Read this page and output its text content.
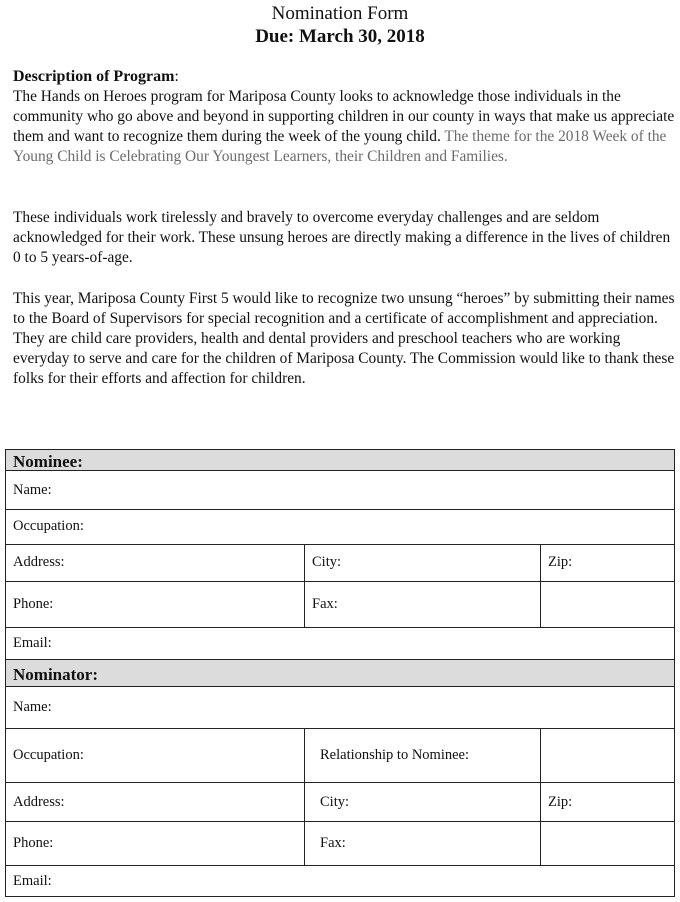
Nomination Form
Due: March 30, 2018
Description of Program:
The Hands on Heroes program for Mariposa County looks to acknowledge those individuals in the community who go above and beyond in supporting children in our county in ways that make us appreciate them and want to recognize them during the week of the young child. The theme for the 2018 Week of the Young Child is Celebrating Our Youngest Learners, their Children and Families.
These individuals work tirelessly and bravely to overcome everyday challenges and are seldom acknowledged for their work. These unsung heroes are directly making a difference in the lives of children 0 to 5 years-of-age.
This year, Mariposa County First 5 would like to recognize two unsung “heroes” by submitting their names to the Board of Supervisors for special recognition and a certificate of accomplishment and appreciation. They are child care providers, health and dental providers and preschool teachers who are working everyday to serve and care for the children of Mariposa County. The Commission would like to thank these folks for their efforts and affection for children.
Nominee:
Name:
Occupation:
Address:	City:	Zip:
Phone:	Fax:
Email:
Nominator:
Name:
Occupation:	Relationship to Nominee:
Address:	City:	Zip:
Phone:	Fax:
Email:
